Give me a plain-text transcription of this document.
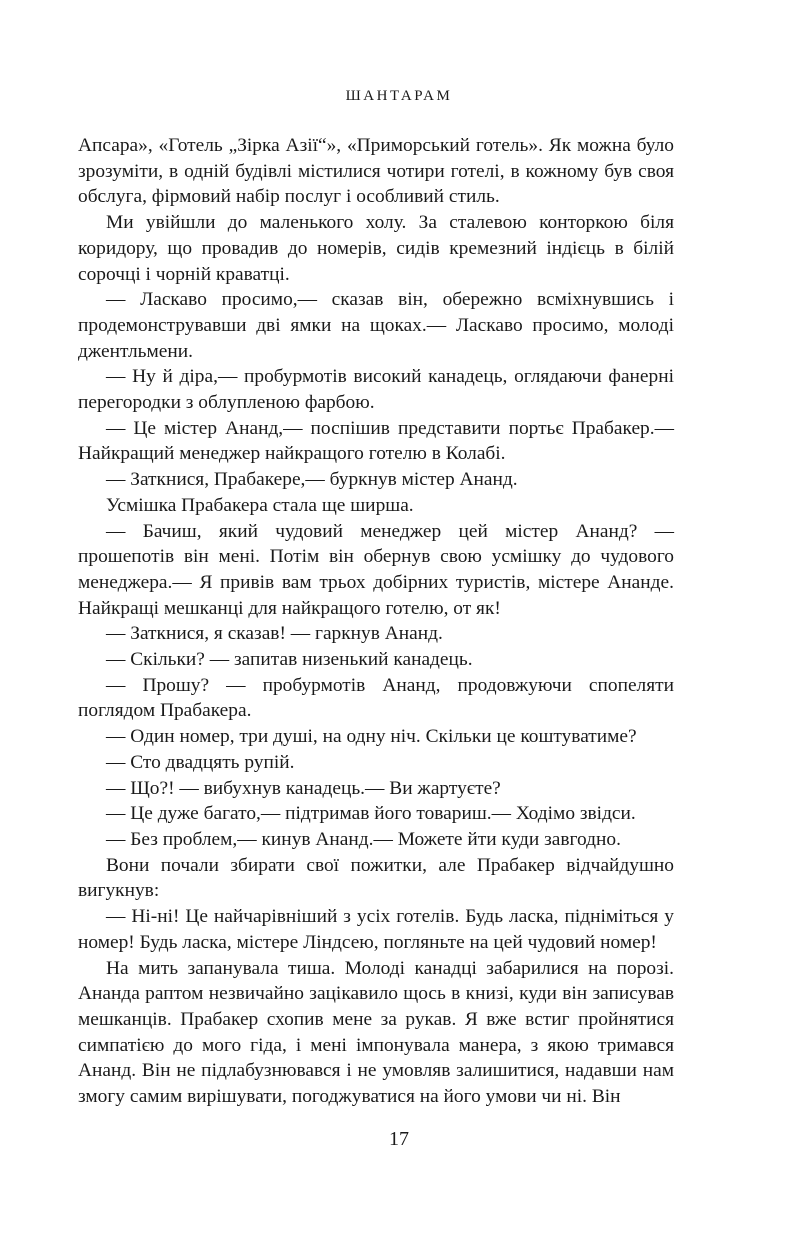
ШАНТАРАМ

Апсара», «Готель „Зірка Азії“», «Приморський готель». Як можна було зрозуміти, в одній будівлі містилися чотири готелі, в кожному був своя обслуга, фірмовий набір послуг і особливий стиль.

Ми увійшли до маленького холу. За сталевою конторкою біля коридору, що провадив до номерів, сидів кремезний індієць в білій сорочці і чорній краватці.

— Ласкаво просимо,— сказав він, обережно всміхнувшись і продемонструвавши дві ямки на щоках.— Ласкаво просимо, молоді джентльмени.

— Ну й діра,— пробурмотів високий канадець, оглядаючи фанерні перегородки з облупленою фарбою.

— Це містер Ананд,— поспішив представити портьє Прабакер.— Найкращий менеджер найкращого готелю в Колабі.

— Заткнися, Прабакере,— буркнув містер Ананд.

Усмішка Прабакера стала ще ширша.

— Бачиш, який чудовий менеджер цей містер Ананд? — прошепотів він мені. Потім він обернув свою усмішку до чудового менеджера.— Я привів вам трьох добірних туристів, містере Ананде. Найкращі мешканці для найкращого готелю, от як!

— Заткнися, я сказав! — гаркнув Ананд.

— Скільки? — запитав низенький канадець.

— Прошу? — пробурмотів Ананд, продовжуючи спопеляти поглядом Прабакера.

— Один номер, три душі, на одну ніч. Скільки це коштуватиме?

— Сто двадцять рупій.

— Що?! — вибухнув канадець.— Ви жартуєте?

— Це дуже багато,— підтримав його товариш.— Ходімо звідси.

— Без проблем,— кинув Ананд.— Можете йти куди завгодно.

Вони почали збирати свої пожитки, але Прабакер відчайдушно вигукнув:

— Ні-ні! Це найчарівніший з усіх готелів. Будь ласка, підніміться у номер! Будь ласка, містере Ліндсею, погляньте на цей чудовий номер!

На мить запанувала тиша. Молоді канадці забарилися на порозі. Ананда раптом незвичайно зацікавило щось в книзі, куди він записував мешканців. Прабакер схопив мене за рукав. Я вже встиг пройнятися симпатією до мого гіда, і мені імпонувала манера, з якою тримався Ананд. Він не підлабузнювався і не умовляв залишитися, надавши нам змогу самим вирішувати, погоджуватися на його умови чи ні. Він

17
